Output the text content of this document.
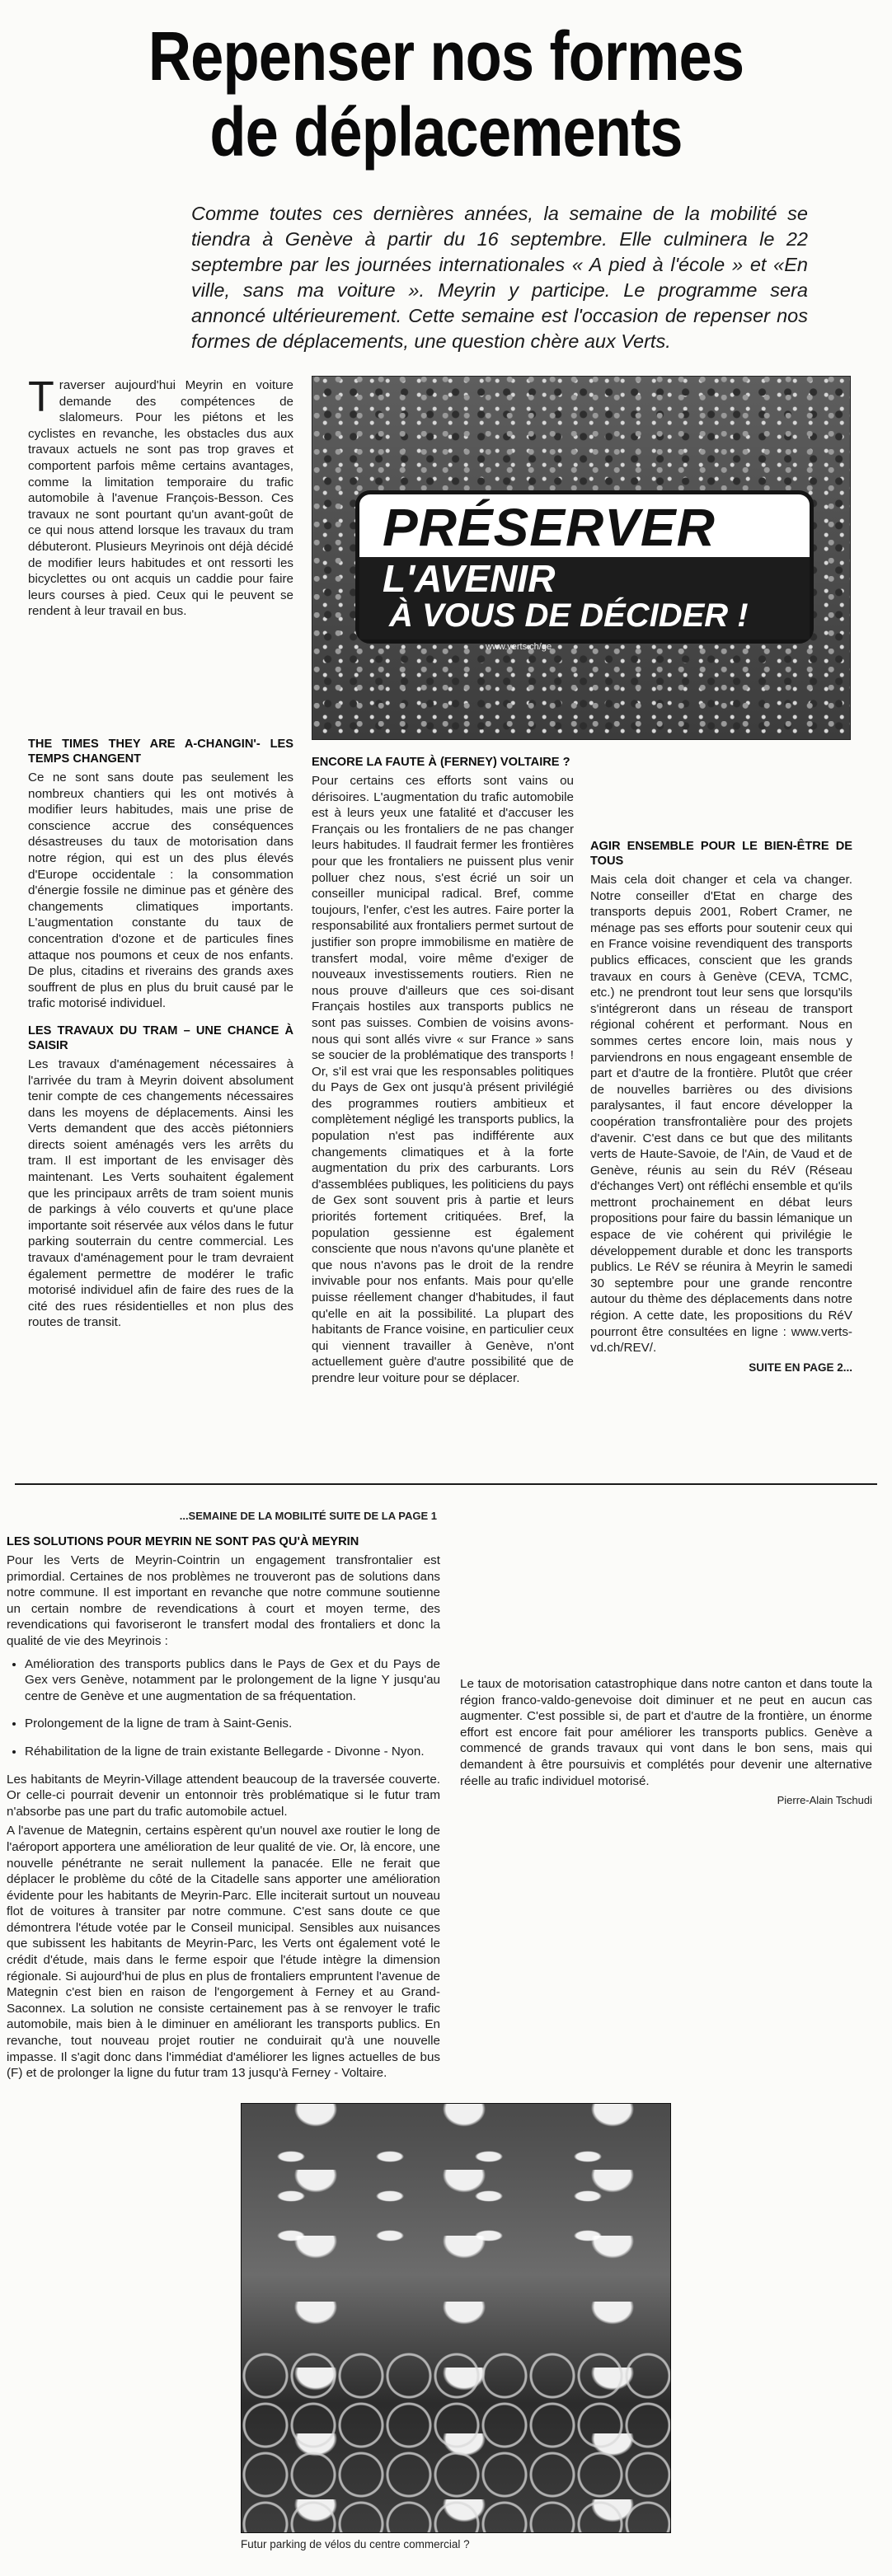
Repenser nos formes
de déplacements
Comme toutes ces dernières années, la semaine de la mobilité se tiendra à Genève à partir du 16 septembre. Elle culminera le 22 septembre par les journées internationales « A pied à l'école » et «En ville, sans ma voiture ». Meyrin y participe. Le programme sera annoncé ultérieurement. Cette semaine est l'occasion de repenser nos formes de déplacements, une question chère aux Verts.

Traverser aujourd'hui Meyrin en voiture demande des compétences de slalomeurs. Pour les piétons et les cyclistes en revanche, les obstacles dus aux travaux actuels ne sont pas trop graves et comportent parfois même certains avantages, comme la limitation temporaire du trafic automobile à l'avenue François-Besson. Ces travaux ne sont pourtant qu'un avant-goût de ce qui nous attend lorsque les travaux du tram débuteront. Plusieurs Meyrinois ont déjà décidé de modifier leurs habitudes et ont ressorti les bicyclettes ou ont acquis un caddie pour faire leurs courses à pied. Ceux qui le peuvent se rendent à leur travail en bus.

PRÉSERVER
L'AVENIR
À VOUS DE DÉCIDER !
www.verts.ch/ge
THE TIMES THEY ARE A-CHANGIN'- LES TEMPS CHANGENT

Ce ne sont sans doute pas seulement les nombreux chantiers qui les ont motivés à modifier leurs habitudes, mais une prise de conscience accrue des conséquences désastreuses du taux de motorisation dans notre région, qui est un des plus élevés d'Europe occidentale : la consommation d'énergie fossile ne diminue pas et génère des changements climatiques importants. L'augmentation constante du taux de concentration d'ozone et de particules fines attaque nos poumons et ceux de nos enfants. De plus, citadins et riverains des grands axes souffrent de plus en plus du bruit causé par le trafic motorisé individuel.

LES TRAVAUX DU TRAM – UNE CHANCE À SAISIR

Les travaux d'aménagement nécessaires à l'arrivée du tram à Meyrin doivent absolument tenir compte de ces changements nécessaires dans les moyens de déplacements. Ainsi les Verts demandent que des accès piétonniers directs soient aménagés vers les arrêts du tram. Il est important de les envisager dès maintenant. Les Verts souhaitent également que les principaux arrêts de tram soient munis de parkings à vélo couverts et qu'une place importante soit réservée aux vélos dans le futur parking souterrain du centre commercial. Les travaux d'aménagement pour le tram devraient également permettre de modérer le trafic motorisé individuel afin de faire des rues de la cité des rues résidentielles et non plus des routes de transit.

ENCORE LA FAUTE À (FERNEY) VOLTAIRE ?

Pour certains ces efforts sont vains ou dérisoires. L'augmentation du trafic automobile est à leurs yeux une fatalité et d'accuser les Français ou les frontaliers de ne pas changer leurs habitudes. Il faudrait fermer les frontières pour que les frontaliers ne puissent plus venir polluer chez nous, s'est écrié un soir un conseiller municipal radical. Bref, comme toujours, l'enfer, c'est les autres. Faire porter la responsabilité aux frontaliers permet surtout de justifier son propre immobilisme en matière de transfert modal, voire même d'exiger de nouveaux investissements routiers. Rien ne nous prouve d'ailleurs que ces soi-disant Français hostiles aux transports publics ne sont pas suisses. Combien de voisins avons-nous qui sont allés vivre « sur France » sans se soucier de la problématique des transports ! Or, s'il est vrai que les responsables politiques du Pays de Gex ont jusqu'à présent privilégié des programmes routiers ambitieux et complètement négligé les transports publics, la population n'est pas indifférente aux changements climatiques et à la forte augmentation du prix des carburants. Lors d'assemblées publiques, les politiciens du pays de Gex sont souvent pris à partie et leurs priorités fortement critiquées. Bref, la population gessienne est également consciente que nous n'avons qu'une planète et que nous n'avons pas le droit de la rendre invivable pour nos enfants. Mais pour qu'elle puisse réellement changer d'habitudes, il faut qu'elle en ait la possibilité. La plupart des habitants de France voisine, en particulier ceux qui viennent travailler à Genève, n'ont actuellement guère d'autre possibilité que de prendre leur voiture pour se déplacer.

AGIR ENSEMBLE POUR LE BIEN-ÊTRE DE TOUS

Mais cela doit changer et cela va changer. Notre conseiller d'Etat en charge des transports depuis 2001, Robert Cramer, ne ménage pas ses efforts pour soutenir ceux qui en France voisine revendiquent des transports publics efficaces, conscient que les grands travaux en cours à Genève (CEVA, TCMC, etc.) ne prendront tout leur sens que lorsqu'ils s'intégreront dans un réseau de transport régional cohérent et performant. Nous en sommes certes encore loin, mais nous y parviendrons en nous engageant ensemble de part et d'autre de la frontière. Plutôt que créer de nouvelles barrières ou des divisions paralysantes, il faut encore développer la coopération transfrontalière pour des projets d'avenir. C'est dans ce but que des militants verts de Haute-Savoie, de l'Ain, de Vaud et de Genève, réunis au sein du RéV (Réseau d'échanges Vert) ont réfléchi ensemble et qu'ils mettront prochainement en débat leurs propositions pour faire du bassin lémanique un espace de vie cohérent qui privilégie le développement durable et donc les transports publics. Le RéV se réunira à Meyrin le samedi 30 septembre pour une grande rencontre autour du thème des déplacements dans notre région. A cette date, les propositions du RéV pourront être consultées en ligne : www.verts-vd.ch/REV/.

SUITE EN PAGE 2...
...SEMAINE DE LA MOBILITÉ SUITE DE LA PAGE 1
LES SOLUTIONS POUR MEYRIN NE SONT PAS QU'À MEYRIN

Pour les Verts de Meyrin-Cointrin un engagement transfrontalier est primordial. Certaines de nos problèmes ne trouveront pas de solutions dans notre commune. Il est important en revanche que notre commune soutienne un certain nombre de revendications à court et moyen terme, des revendications qui favoriseront le transfert modal des frontaliers et donc la qualité de vie des Meyrinois :

• Amélioration des transports publics dans le Pays de Gex et du Pays de Gex vers Genève, notamment par le prolongement de la ligne Y jusqu'au centre de Genève et une augmentation de sa fréquentation.
• Prolongement de la ligne de tram à Saint-Genis.
• Réhabilitation de la ligne de train existante Bellegarde - Divonne - Nyon.

Les habitants de Meyrin-Village attendent beaucoup de la traversée couverte. Or celle-ci pourrait devenir un entonnoir très problématique si le futur tram n'absorbe pas une part du trafic automobile actuel.

A l'avenue de Mategnin, certains espèrent qu'un nouvel axe routier le long de l'aéroport apportera une amélioration de leur qualité de vie. Or, là encore, une nouvelle pénétrante ne serait nullement la panacée. Elle ne ferait que déplacer le problème du côté de la Citadelle sans apporter une amélioration évidente pour les habitants de Meyrin-Parc. Elle inciterait surtout un nouveau flot de voitures à transiter par notre commune. C'est sans doute ce que démontrera l'étude votée par le Conseil municipal. Sensibles aux nuisances que subissent les habitants de Meyrin-Parc, les Verts ont également voté le crédit d'étude, mais dans le ferme espoir que l'étude intègre la dimension régionale. Si aujourd'hui de plus en plus de frontaliers empruntent l'avenue de Mategnin c'est bien en raison de l'engorgement à Ferney et au Grand-Saconnex. La solution ne consiste certainement pas à se renvoyer le trafic automobile, mais bien à le diminuer en améliorant les transports publics. En revanche, tout nouveau projet routier ne conduirait qu'à une nouvelle impasse. Il s'agit donc dans l'immédiat d'améliorer les lignes actuelles de bus (F) et de prolonger la ligne du futur tram 13 jusqu'à Ferney - Voltaire.

Le taux de motorisation catastrophique dans notre canton et dans toute la région franco-valdo-genevoise doit diminuer et ne peut en aucun cas augmenter. C'est possible si, de part et d'autre de la frontière, un énorme effort est encore fait pour améliorer les transports publics. Genève a commencé de grands travaux qui vont dans le bon sens, mais qui demandent à être poursuivis et complétés pour devenir une alternative réelle au trafic individuel motorisé.

Pierre-Alain Tschudi
Futur parking de vélos du centre commercial ?
